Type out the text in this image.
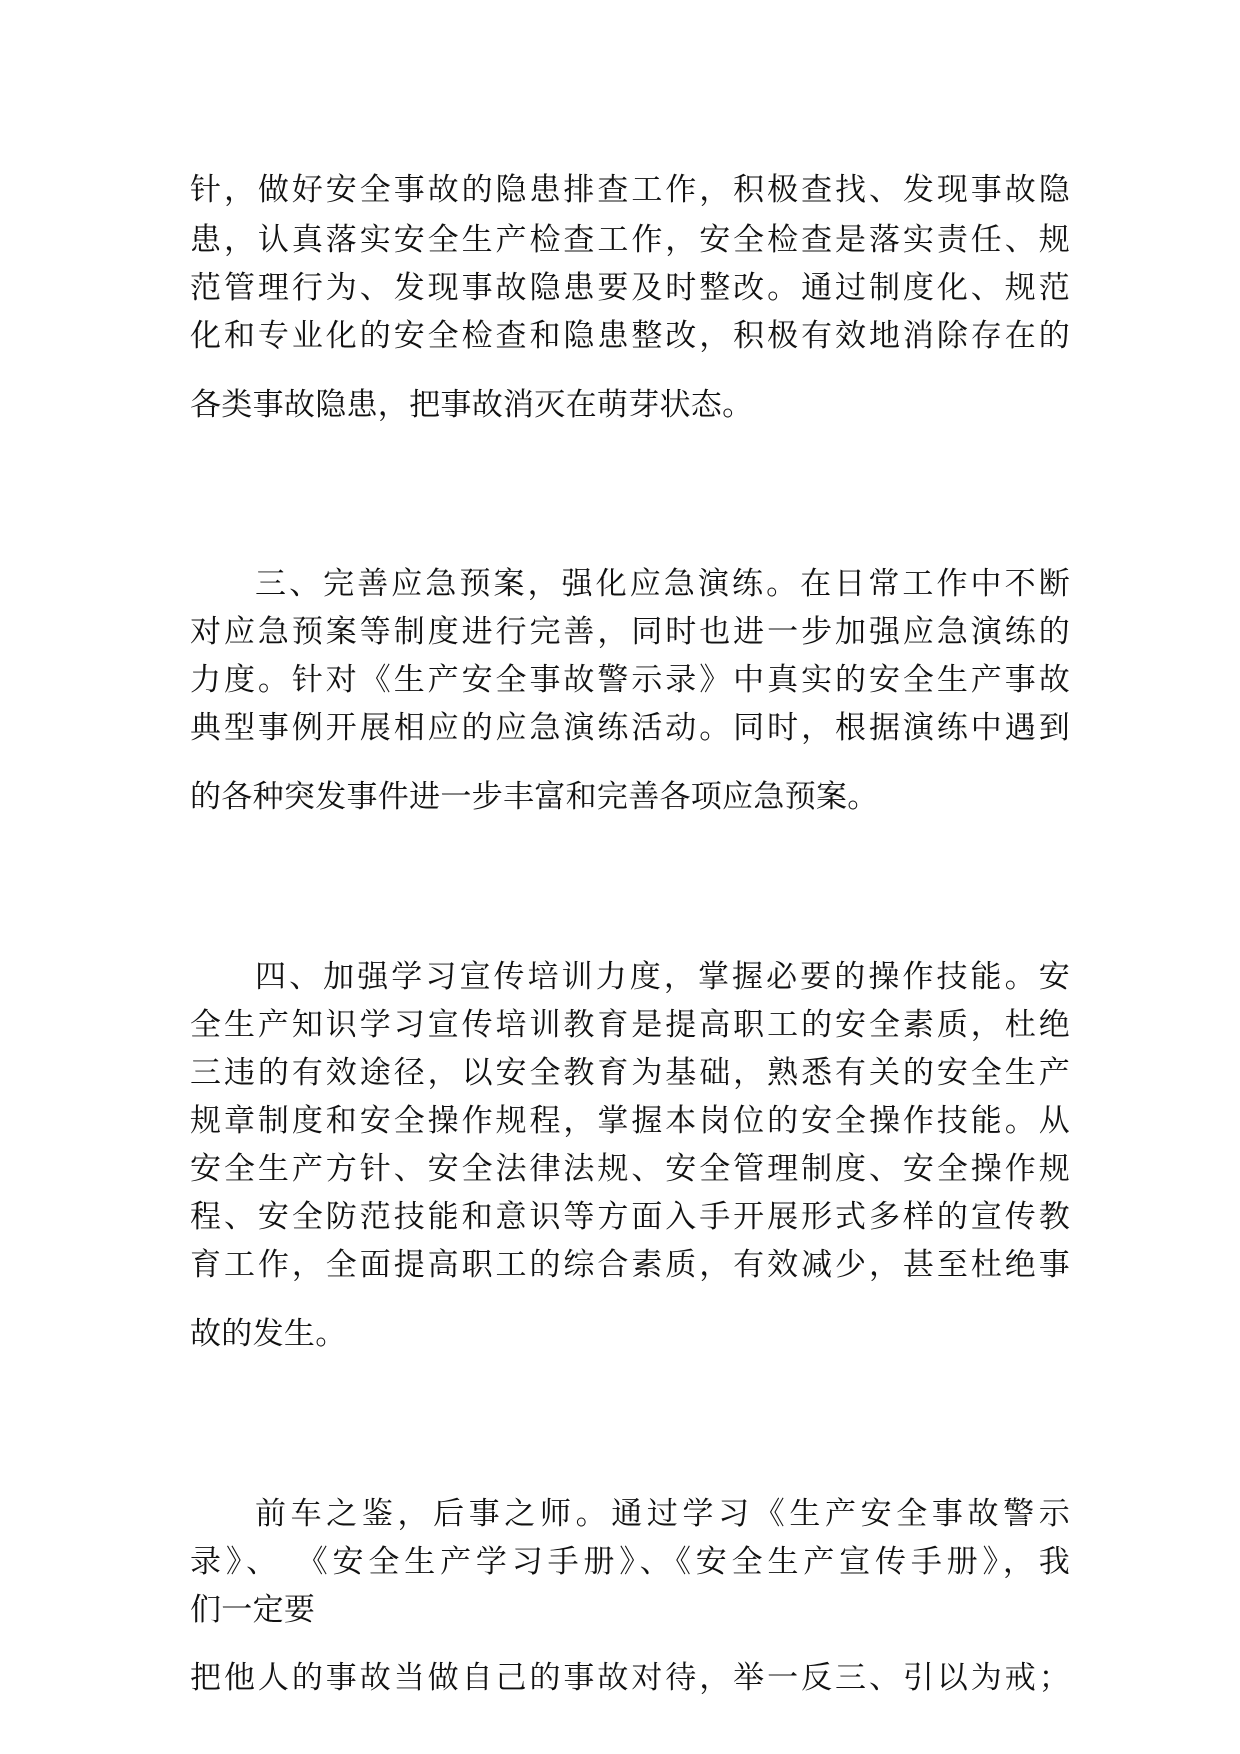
针，做好安全事故的隐患排查工作，积极查找、发现事故隐
患，认真落实安全生产检查工作，安全检查是落实责任、规
范管理行为、发现事故隐患要及时整改。通过制度化、规范
化和专业化的安全检查和隐患整改，积极有效地消除存在的
各类事故隐患，把事故消灭在萌芽状态。
三、完善应急预案，强化应急演练。在日常工作中不断
对应急预案等制度进行完善，同时也进一步加强应急演练的
力度。针对《生产安全事故警示录》中真实的安全生产事故
典型事例开展相应的应急演练活动。同时，根据演练中遇到
的各种突发事件进一步丰富和完善各项应急预案。
四、加强学习宣传培训力度，掌握必要的操作技能。安
全生产知识学习宣传培训教育是提高职工的安全素质，杜绝
三违的有效途径，以安全教育为基础，熟悉有关的安全生产
规章制度和安全操作规程，掌握本岗位的安全操作技能。从
安全生产方针、安全法律法规、安全管理制度、安全操作规
程、安全防范技能和意识等方面入手开展形式多样的宣传教
育工作，全面提高职工的综合素质，有效减少，甚至杜绝事
故的发生。
前车之鉴，后事之师。通过学习《生产安全事故警示
录》、 《安全生产学习手册》、《安全生产宣传手册》，我
们一定要
把他人的事故当做自己的事故对待，举一反三、引以为戒；
